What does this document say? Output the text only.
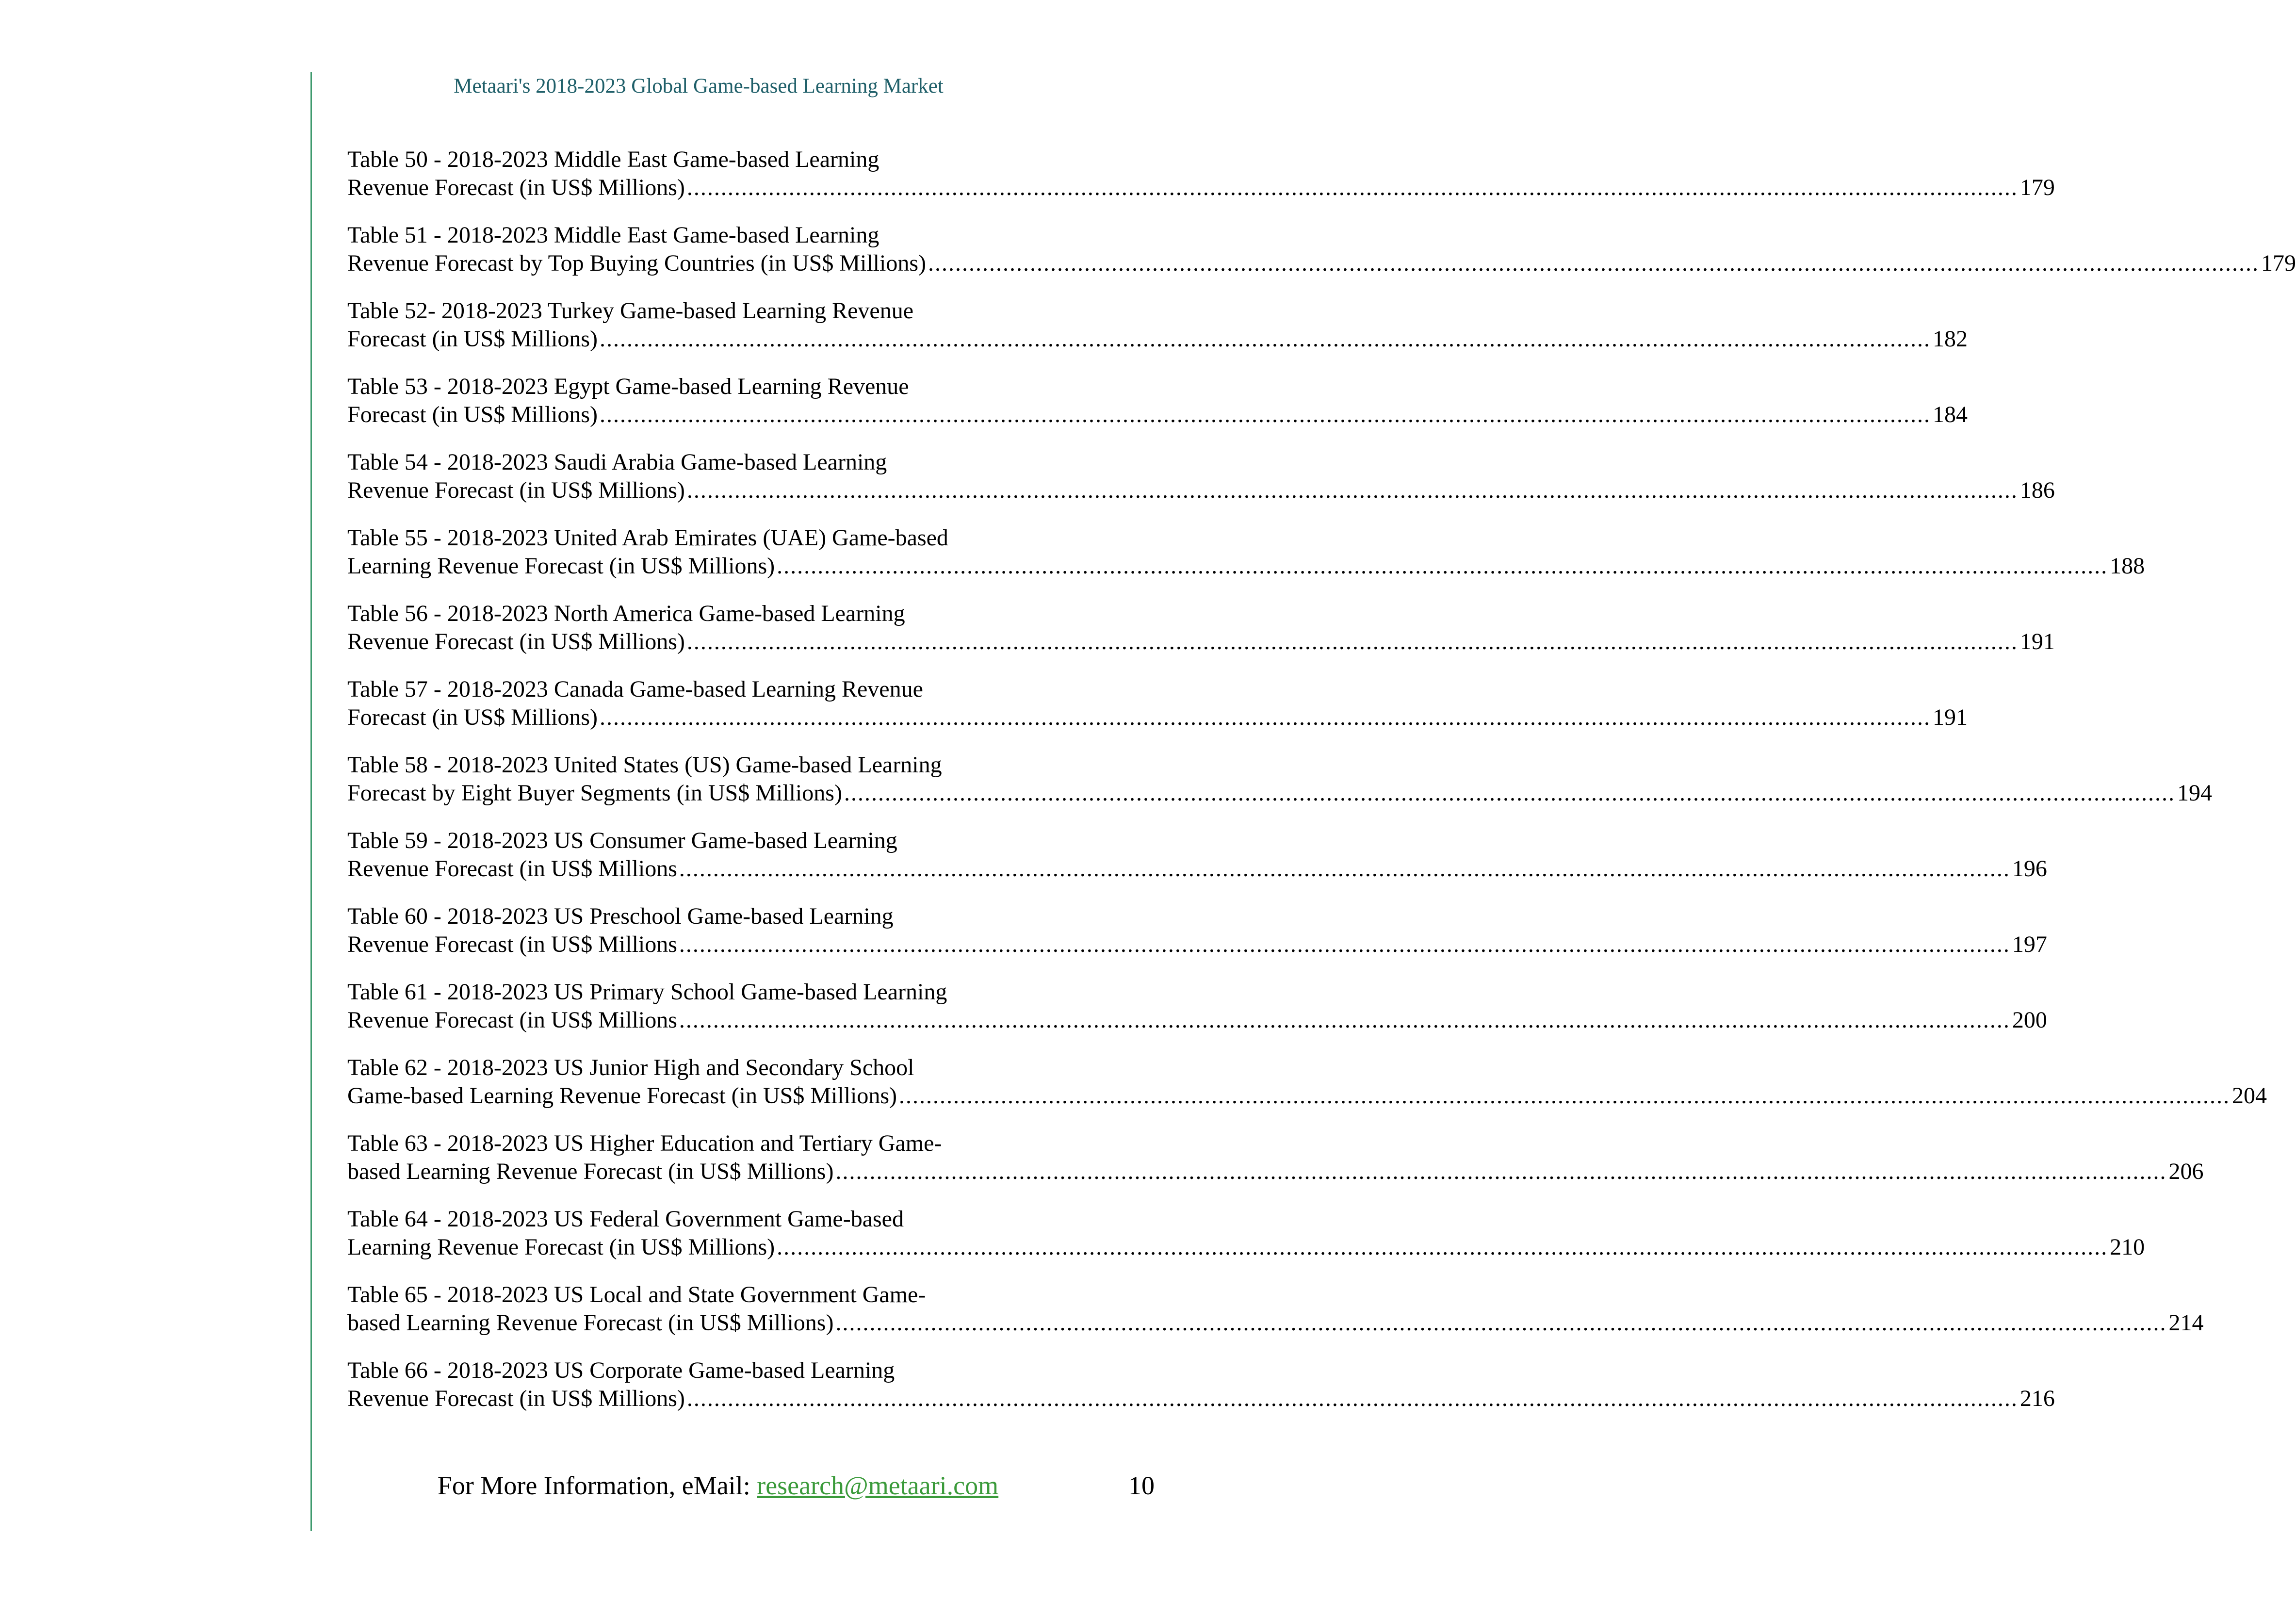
Metaari's 2018-2023 Global Game-based Learning Market
Table 50 - 2018-2023 Middle East Game-based Learning
Revenue Forecast (in US$ Millions) .................................................................................................................................................................................................... 179
Table 51 - 2018-2023 Middle East Game-based Learning
Revenue Forecast by Top Buying Countries (in US$ Millions) .................................................................................................................................................................................................... 179
Table 52- 2018-2023 Turkey Game-based Learning Revenue
Forecast (in US$ Millions) .................................................................................................................................................................................................... 182
Table 53 - 2018-2023 Egypt Game-based Learning Revenue
Forecast (in US$ Millions) .................................................................................................................................................................................................... 184
Table 54 - 2018-2023 Saudi Arabia Game-based Learning
Revenue Forecast (in US$ Millions) .................................................................................................................................................................................................... 186
Table 55 - 2018-2023 United Arab Emirates (UAE) Game-based
Learning Revenue Forecast (in US$ Millions) .................................................................................................................................................................................................... 188
Table 56 - 2018-2023 North America Game-based Learning
Revenue Forecast (in US$ Millions) .................................................................................................................................................................................................... 191
Table 57 - 2018-2023 Canada Game-based Learning Revenue
Forecast (in US$ Millions) .................................................................................................................................................................................................... 191
Table 58 - 2018-2023 United States (US) Game-based Learning
Forecast by Eight Buyer Segments (in US$ Millions) .................................................................................................................................................................................................... 194
Table 59 - 2018-2023 US Consumer Game-based Learning
Revenue Forecast (in US$ Millions .................................................................................................................................................................................................... 196
Table 60 - 2018-2023 US Preschool Game-based Learning
Revenue Forecast (in US$ Millions .................................................................................................................................................................................................... 197
Table 61 - 2018-2023 US Primary School Game-based Learning
Revenue Forecast (in US$ Millions .................................................................................................................................................................................................... 200
Table 62 - 2018-2023 US Junior High and Secondary School
Game-based Learning Revenue Forecast (in US$ Millions) .................................................................................................................................................................................................... 204
Table 63 - 2018-2023 US Higher Education and Tertiary Game-
based Learning Revenue Forecast (in US$ Millions) .................................................................................................................................................................................................... 206
Table 64 - 2018-2023 US Federal Government Game-based
Learning Revenue Forecast (in US$ Millions) .................................................................................................................................................................................................... 210
Table 65 - 2018-2023 US Local and State Government Game-
based Learning Revenue Forecast (in US$ Millions) .................................................................................................................................................................................................... 214
Table 66 - 2018-2023 US Corporate Game-based Learning
Revenue Forecast (in US$ Millions) .................................................................................................................................................................................................... 216
For More Information, eMail: research@metaari.com	10
